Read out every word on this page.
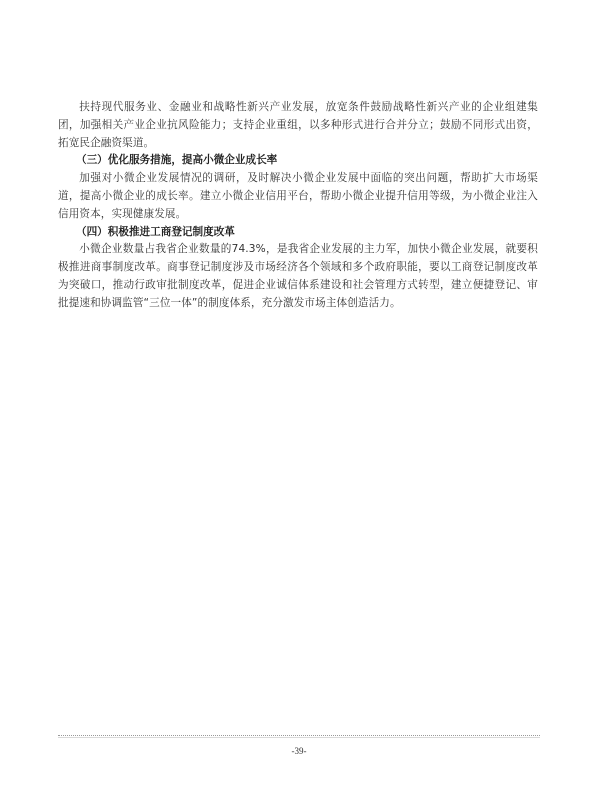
扶持现代服务业、金融业和战略性新兴产业发展，放宽条件鼓励战略性新兴产业的企业组建集团，加强相关产业企业抗风险能力；支持企业重组，以多种形式进行合并分立；鼓励不同形式出资，拓宽民企融资渠道。

（三）优化服务措施，提高小微企业成长率

加强对小微企业发展情况的调研，及时解决小微企业发展中面临的突出问题，帮助扩大市场渠道，提高小微企业的成长率。建立小微企业信用平台，帮助小微企业提升信用等级，为小微企业注入信用资本，实现健康发展。

（四）积极推进工商登记制度改革

小微企业数量占我省企业数量的74.3%，是我省企业发展的主力军，加快小微企业发展，就要积极推进商事制度改革。商事登记制度涉及市场经济各个领域和多个政府职能，要以工商登记制度改革为突破口，推动行政审批制度改革，促进企业诚信体系建设和社会管理方式转型，建立便捷登记、审批提速和协调监管“三位一体”的制度体系，充分激发市场主体创造活力。

-39-
